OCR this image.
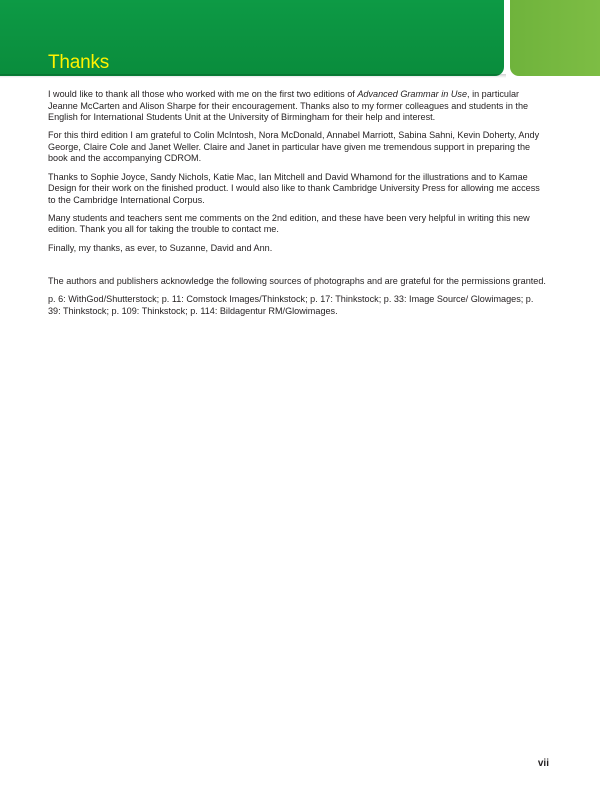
Thanks

I would like to thank all those who worked with me on the first two editions of Advanced Grammar in Use, in particular Jeanne McCarten and Alison Sharpe for their encouragement. Thanks also to my former colleagues and students in the English for International Students Unit at the University of Birmingham for their help and interest.

For this third edition I am grateful to Colin McIntosh, Nora McDonald, Annabel Marriott, Sabina Sahni, Kevin Doherty, Andy George, Claire Cole and Janet Weller. Claire and Janet in particular have given me tremendous support in preparing the book and the accompanying CDROM.

Thanks to Sophie Joyce, Sandy Nichols, Katie Mac, Ian Mitchell and David Whamond for the illustrations and to Kamae Design for their work on the finished product. I would also like to thank Cambridge University Press for allowing me access to the Cambridge International Corpus.

Many students and teachers sent me comments on the 2nd edition, and these have been very helpful in writing this new edition. Thank you all for taking the trouble to contact me.

Finally, my thanks, as ever, to Suzanne, David and Ann.

The authors and publishers acknowledge the following sources of photographs and are grateful for the permissions granted.

p. 6: WithGod/Shutterstock; p. 11: Comstock Images/Thinkstock; p. 17: Thinkstock; p. 33: Image Source/ Glowimages; p. 39: Thinkstock; p. 109: Thinkstock; p. 114: Bildagentur RM/Glowimages.

vii
